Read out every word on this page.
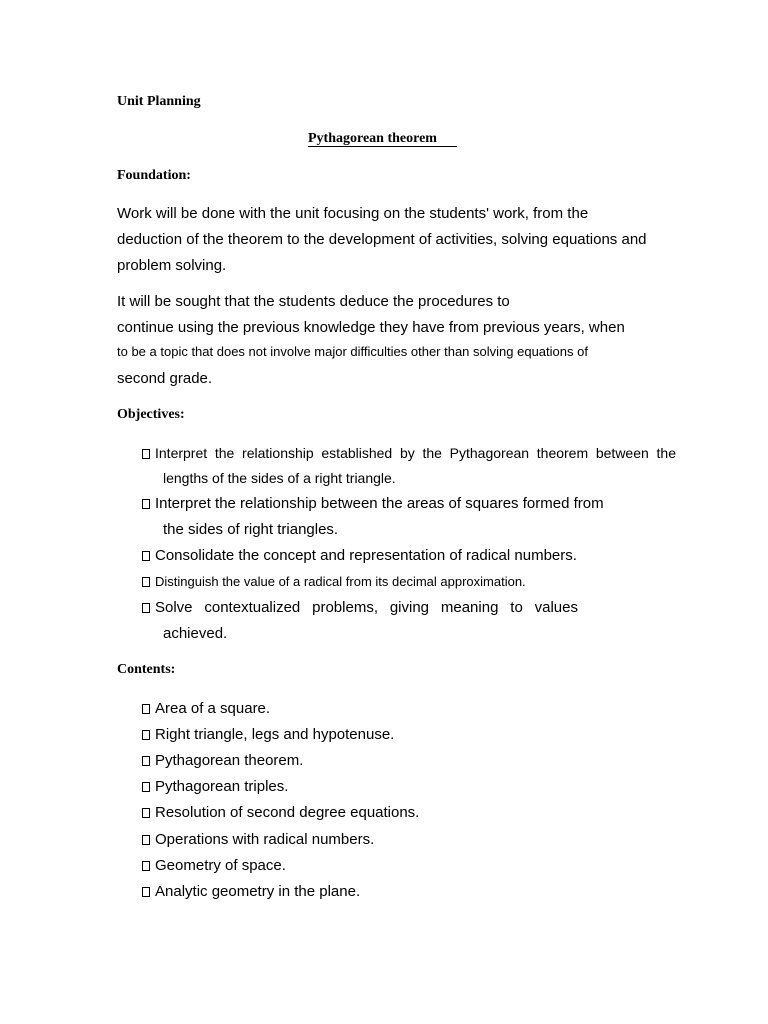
Unit Planning
Pythagorean theorem
Foundation:
Work will be done with the unit focusing on the students' work, from the
deduction of the theorem to the development of activities, solving equations and
problem solving.
It will be sought that the students deduce the procedures to
continue using the previous knowledge they have from previous years, when
to be a topic that does not involve major difficulties other than solving equations of
second grade.
Objectives:
Interpret the relationship established by the Pythagorean theorem between the
lengths of the sides of a right triangle.
Interpret the relationship between the areas of squares formed from
the sides of right triangles.
Consolidate the concept and representation of radical numbers.
Distinguish the value of a radical from its decimal approximation.
Solve contextualized problems, giving meaning to values
achieved.
Contents:
Area of a square.
Right triangle, legs and hypotenuse.
Pythagorean theorem.
Pythagorean triples.
Resolution of second degree equations.
Operations with radical numbers.
Geometry of space.
Analytic geometry in the plane.
